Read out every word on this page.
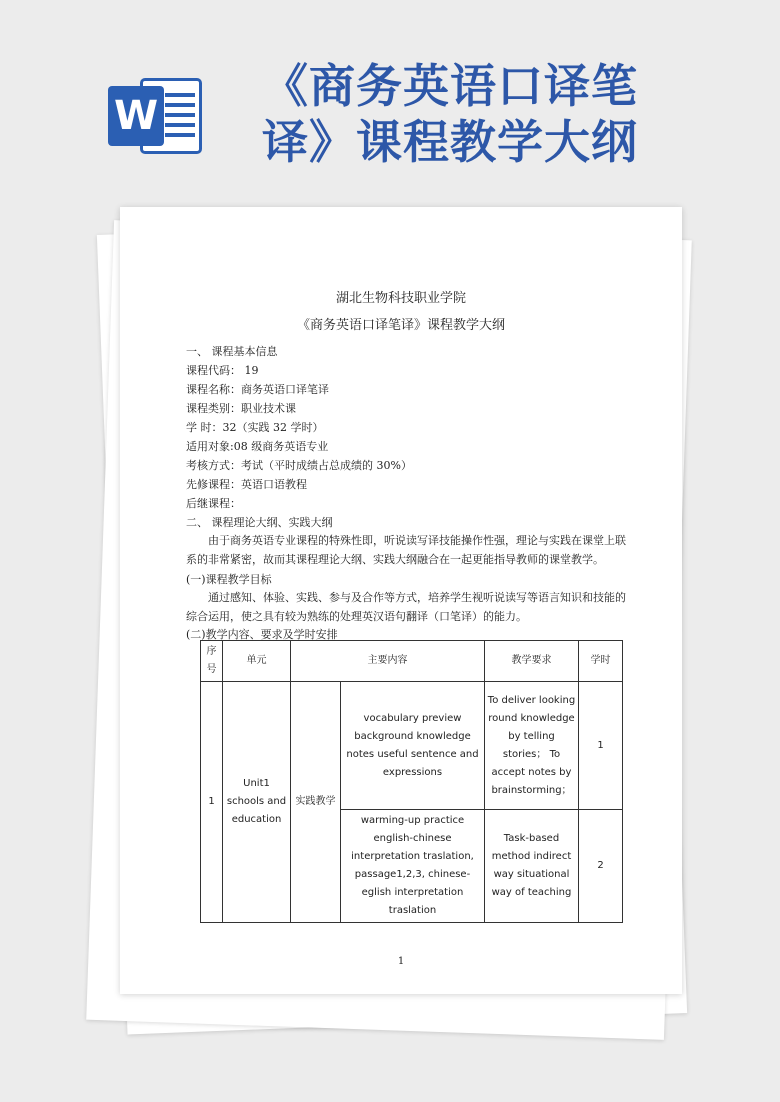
W
《商务英语口译笔译》课程教学大纲
湖北生物科技职业学院
《商务英语口译笔译》课程教学大纲
一、 课程基本信息
课程代码： 19
课程名称：商务英语口译笔译
课程类别：职业技术课
学 时：32（实践 32 学时）
适用对象:08 级商务英语专业
考核方式：考试（平时成绩占总成绩的 30%）
先修课程：英语口语教程
后继课程：
二、 课程理论大纲、实践大纲
由于商务英语专业课程的特殊性即，听说读写译技能操作性强，理论与实践在课堂上联系的非常紧密，故而其课程理论大纲、实践大纲融合在一起更能指导教师的课堂教学。
(一)课程教学目标
通过感知、体验、实践、参与及合作等方式，培养学生视听说读写等语言知识和技能的综合运用，使之具有较为熟练的处理英汉语句翻译（口笔译）的能力。
(二)教学内容、要求及学时安排
序号	单元	主要内容		教学要求	学时
1	Unit1 schools and education	实践教学	vocabulary preview background knowledge notes useful sentence and expressions	To deliver looking round knowledge by telling stories； To accept notes by brainstorming；	1
			warming-up practice english-chinese interpretation traslation, passage1,2,3, chinese-eglish interpretation traslation	Task-based method indirect way situational way of teaching	2
1
